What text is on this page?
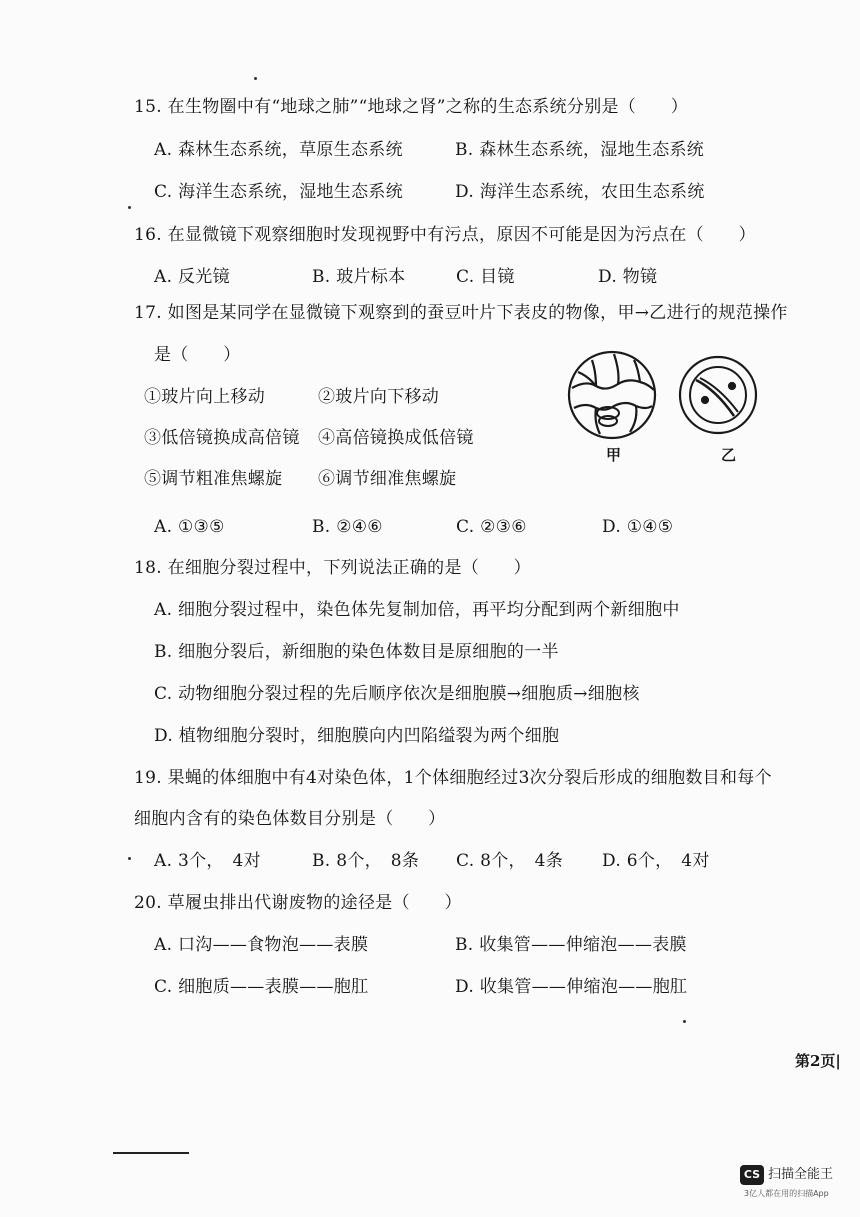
15. 在生物圈中有“地球之肺”“地球之肾”之称的生态系统分别是（　　）
A. 森林生态系统，草原生态系统	B. 森林生态系统，湿地生态系统
C. 海洋生态系统，湿地生态系统	D. 海洋生态系统，农田生态系统
16. 在显微镜下观察细胞时发现视野中有污点，原因不可能是因为污点在（　　）
A. 反光镜	B. 玻片标本	C. 目镜	D. 物镜
17. 如图是某同学在显微镜下观察到的蚕豆叶片下表皮的物像，甲→乙进行的规范操作
是（　　）
①玻片向上移动	②玻片向下移动
③低倍镜换成高倍镜 ④高倍镜换成低倍镜
⑤调节粗准焦螺旋 ⑥调节细准焦螺旋
甲	乙
A. ①③⑤	B. ②④⑥	C. ②③⑥	D. ①④⑤
18. 在细胞分裂过程中，下列说法正确的是（　　）
A. 细胞分裂过程中，染色体先复制加倍，再平均分配到两个新细胞中
B. 细胞分裂后，新细胞的染色体数目是原细胞的一半
C. 动物细胞分裂过程的先后顺序依次是细胞膜→细胞质→细胞核
D. 植物细胞分裂时，细胞膜向内凹陷缢裂为两个细胞
19. 果蝇的体细胞中有4对染色体，1个体细胞经过3次分裂后形成的细胞数目和每个
细胞内含有的染色体数目分别是（　　）
A. 3个，　4对	B. 8个，　8条 C. 8个，　4条 D. 6个，　4对
20. 草履虫排出代谢废物的途径是（　　）
A. 口沟——食物泡——表膜	B. 收集管——伸缩泡——表膜
C. 细胞质——表膜——胞肛	D. 收集管——伸缩泡——胞肛
第2页|
CS 扫描全能王
3亿人都在用的扫描App
